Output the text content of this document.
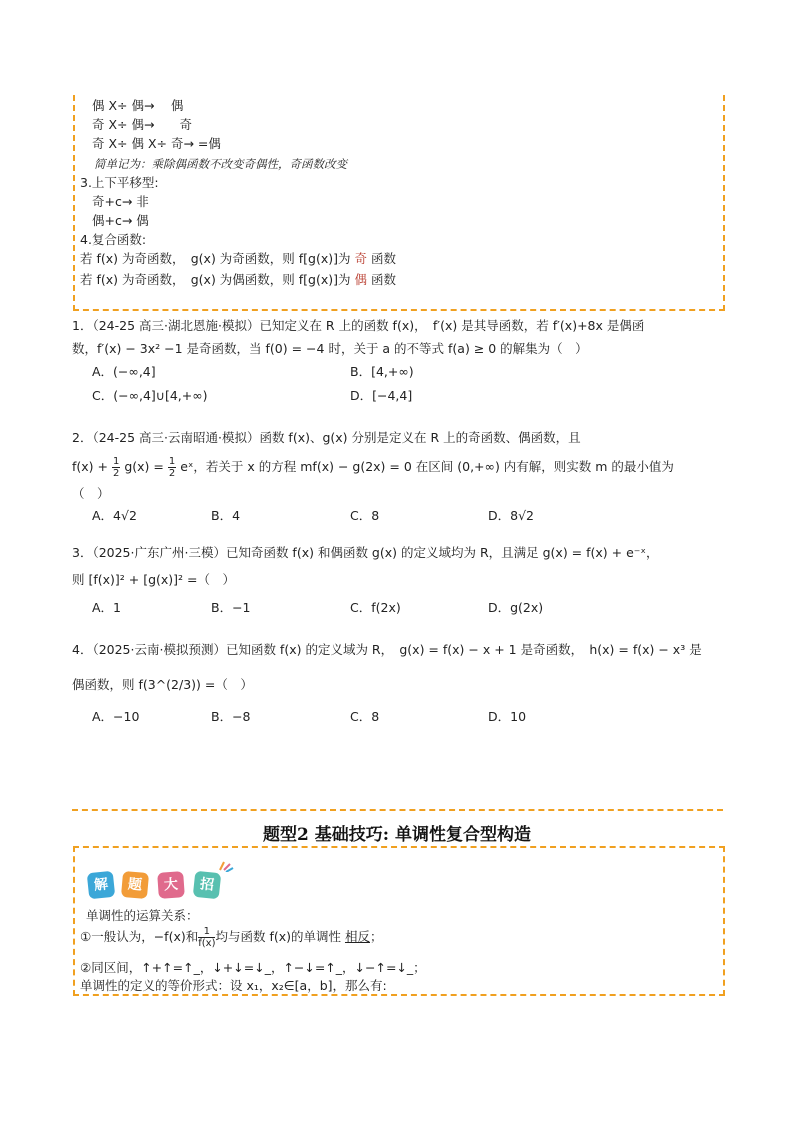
偶 X÷ 偶→　 偶
奇 X÷ 偶→　　奇
奇 X÷ 偶 X÷ 奇→ =偶
简单记为：乘除偶函数不改变奇偶性，奇函数改变
3.上下平移型:
奇+c→ 非
偶+c→ 偶
4.复合函数:
若 f(x) 为奇函数，　g(x) 为奇函数，则 f[g(x)]为 奇 函数
若 f(x) 为奇函数，　g(x) 为偶函数，则 f[g(x)]为 偶 函数
1．（24-25 高三·湖北恩施·模拟）已知定义在 R 上的函数 f(x)，　f′(x) 是其导函数，若 f′(x)+8x 是偶函
数，f′(x) − 3x² −1 是奇函数，当 f(0) = −4 时，关于 a 的不等式 f(a) ≥ 0 的解集为（　）
A．(−∞,4]	B．[4,+∞)
C．(−∞,4]∪[4,+∞)	D．[−4,4]
2．（24-25 高三·云南昭通·模拟）函数 f(x)、g(x) 分别是定义在 R 上的奇函数、偶函数，且
$f(x) + \frac{1}{2} g(x) = \frac{1}{2}$ eˣ，若关于 x 的方程 mf(x) − g(2x) = 0 在区间 (0,+∞) 内有解，则实数 m 的最小值为
（　）
A．4√2	B．4	C．8	D．8√2
3．（2025·广东广州·三模）已知奇函数 f(x) 和偶函数 g(x) 的定义域均为 R，且满足 g(x) = f(x) + e⁻ˣ，
则 [f(x)]² + [g(x)]² =（　）
A．1	B．−1	C．f(2x)	D．g(2x)
4．（2025·云南·模拟预测）已知函数 f(x) 的定义域为 R，　g(x) = f(x) − x + 1 是奇函数，　h(x) = f(x) − x³ 是
偶函数，则 f(3^(2/3)) =（　）
A．−10	B．−8	C．8	D．10
题型2 基础技巧: 单调性复合型构造
解	题	大	招
单调性的运算关系：
①一般认为，−f(x)和 $\frac{1}{f(x)}$ 均与函数 f(x)的单调性 相反；
②同区间，↑+↑=↑_，↓+↓=↓_，↑−↓=↑_，↓−↑=↓_；
单调性的定义的等价形式：设 x₁，x₂∈[a，b]，那么有:
